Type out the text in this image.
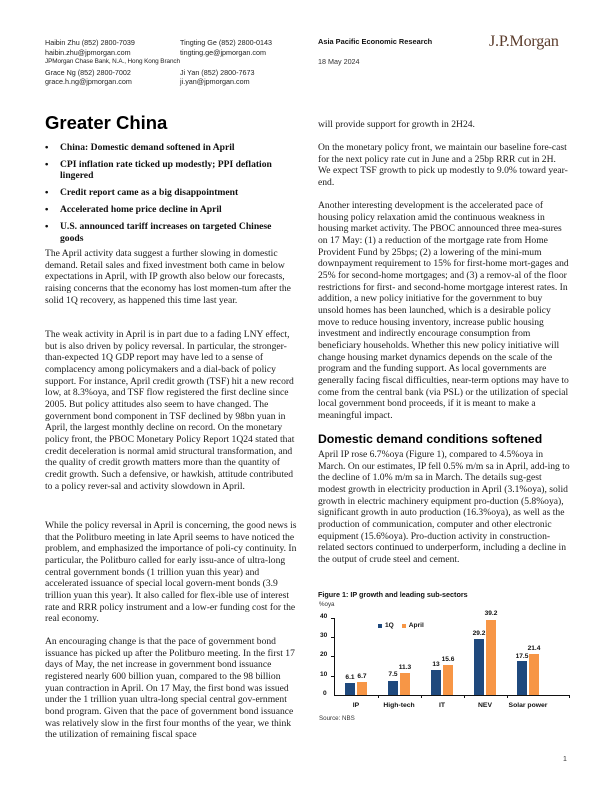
Haibin Zhu (852) 2800-7039
haibin.zhu@jpmorgan.com
JPMorgan Chase Bank, N.A., Hong Kong Branch
Grace Ng (852) 2800-7002
grace.h.ng@jpmorgan.com
Tingting Ge (852) 2800-0143
tingting.ge@jpmorgan.com
Ji Yan (852) 2800-7673
ji.yan@jpmorgan.com
Asia Pacific Economic Research
18 May 2024
J.P.Morgan
Greater China
• China: Domestic demand softened in April
• CPI inflation rate ticked up modestly; PPI deflation lingered
• Credit report came as a big disappointment
• Accelerated home price decline in April
• U.S. announced tariff increases on targeted Chinese goods

The April activity data suggest a further slowing in domestic demand. Retail sales and fixed investment both came in below expectations in April, with IP growth also below our forecasts, raising concerns that the economy has lost momen-tum after the solid 1Q recovery, as happened this time last year.

The weak activity in April is in part due to a fading LNY effect, but is also driven by policy reversal. In particular, the stronger-than-expected 1Q GDP report may have led to a sense of complacency among policymakers and a dial-back of policy support. For instance, April credit growth (TSF) hit a new record low, at 8.3%oya, and TSF flow registered the first decline since 2005. But policy attitudes also seem to have changed. The government bond component in TSF declined by 98bn yuan in April, the largest monthly decline on record. On the monetary policy front, the PBOC Monetary Policy Report 1Q24 stated that credit deceleration is normal amid structural transformation, and the quality of credit growth matters more than the quantity of credit growth. Such a defensive, or hawkish, attitude contributed to a policy rever-sal and activity slowdown in April.

While the policy reversal in April is concerning, the good news is that the Politburo meeting in late April seems to have noticed the problem, and emphasized the importance of poli-cy continuity. In particular, the Politburo called for early issu-ance of ultra-long central government bonds (1 trillion yuan this year) and accelerated issuance of special local govern-ment bonds (3.9 trillion yuan this year). It also called for flex-ible use of interest rate and RRR policy instrument and a low-er funding cost for the real economy.

An encouraging change is that the pace of government bond issuance has picked up after the Politburo meeting. In the first 17 days of May, the net increase in government bond issuance registered nearly 600 billion yuan, compared to the 98 billion yuan contraction in April. On 17 May, the first bond was issued under the 1 trillion yuan ultra-long special central gov-ernment bond program. Given that the pace of government bond issuance was relatively slow in the first four months of the year, we think the utilization of remaining fiscal space

will provide support for growth in 2H24.

On the monetary policy front, we maintain our baseline fore-cast for the next policy rate cut in June and a 25bp RRR cut in 2H. We expect TSF growth to pick up modestly to 9.0% toward year-end.

Another interesting development is the accelerated pace of housing policy relaxation amid the continuous weakness in housing market activity. The PBOC announced three mea-sures on 17 May: (1) a reduction of the mortgage rate from Home Provident Fund by 25bps; (2) a lowering of the mini-mum downpayment requirement to 15% for first-home mort-gages and 25% for second-home mortgages; and (3) a remov-al of the floor restrictions for first- and second-home mortgage interest rates. In addition, a new policy initiative for the government to buy unsold homes has been launched, which is a desirable policy move to reduce housing inventory, increase public housing investment and indirectly encourage consumption from beneficiary households. Whether this new policy initiative will change housing market dynamics depends on the scale of the program and the funding support. As local governments are generally facing fiscal difficulties, near-term options may have to come from the central bank (via PSL) or the utilization of special local government bond proceeds, if it is meant to make a meaningful impact.

Domestic demand conditions softened

April IP rose 6.7%oya (Figure 1), compared to 4.5%oya in March. On our estimates, IP fell 0.5% m/m sa in April, add-ing to the decline of 1.0% m/m sa in March. The details sug-gest modest growth in electricity production in April (3.1%oya), solid growth in electric machinery equipment pro-duction (5.8%oya), significant growth in auto production (16.3%oya), as well as the production of communication, computer and other electronic equipment (15.6%oya). Pro-duction activity in construction-related sectors continued to underperform, including a decline in the output of crude steel and cement.

Figure 1: IP growth and leading sub-sectors
%oya
40
30
20
10
0
1Q April
6.1 6.7	7.5
11.3	13
15.6
29.2
39.2
17.5
21.4
IP	High-tech	IT	NEV	Solar power
Source: NBS
1
